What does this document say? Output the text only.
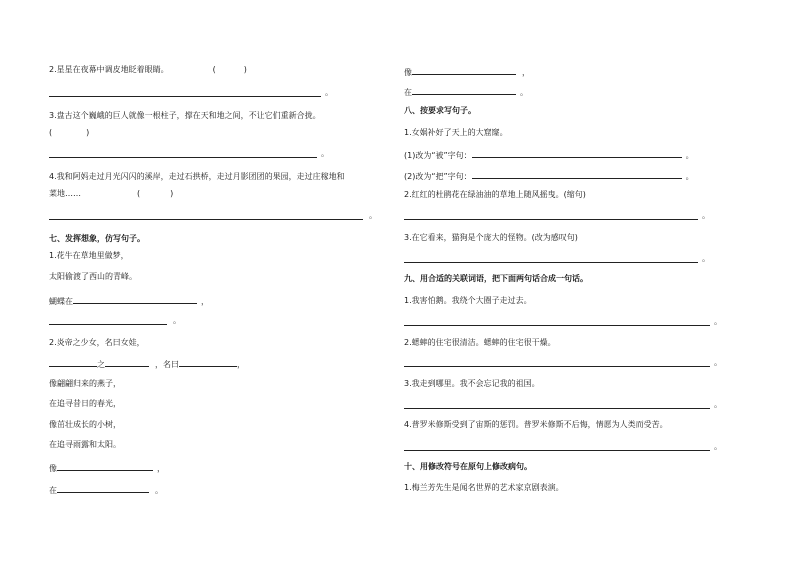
2.星星在夜幕中调皮地眨着眼睛。	(	)
。
3.盘古这个巍峨的巨人就像一根柱子，撑在天和地之间，不让它们重新合拢。
(	)
。
4.我和阿妈走过月光闪闪的溪岸，走过石拱桥，走过月影团团的果园，走过庄稼地和
菜地……	(	)
。
七、发挥想象，仿写句子。
1.花牛在草地里做梦，
太阳偷渡了西山的青峰。
蝴蝶在	，
。
2.炎帝之少女，名曰女娃，
之	，名曰	，
像翩翩归来的燕子，
在追寻昔日的春光，
像茁壮成长的小树，
在追寻雨露和太阳。
像	，
在	。
像	，
在	。
八、按要求写句子。
1.女娲补好了天上的大窟窿。
(1)改为“被”字句：	。
(2)改为“把”字句：	。
2.红红的杜鹃花在绿油油的草地上随风摇曳。(缩句)
。
3.在它看来，猫狗是个庞大的怪物。(改为感叹句)
。
九、用合适的关联词语，把下面两句话合成一句话。
1.我害怕鹅。我绕个大圈子走过去。
。
2.蟋蟀的住宅很清洁。蟋蟀的住宅很干燥。
。
3.我走到哪里。我不会忘记我的祖国。
。
4.普罗米修斯受到了宙斯的惩罚。普罗米修斯不后悔，情愿为人类而受苦。
。
十、用修改符号在原句上修改病句。
1.梅兰芳先生是闻名世界的艺术家京剧表演。
